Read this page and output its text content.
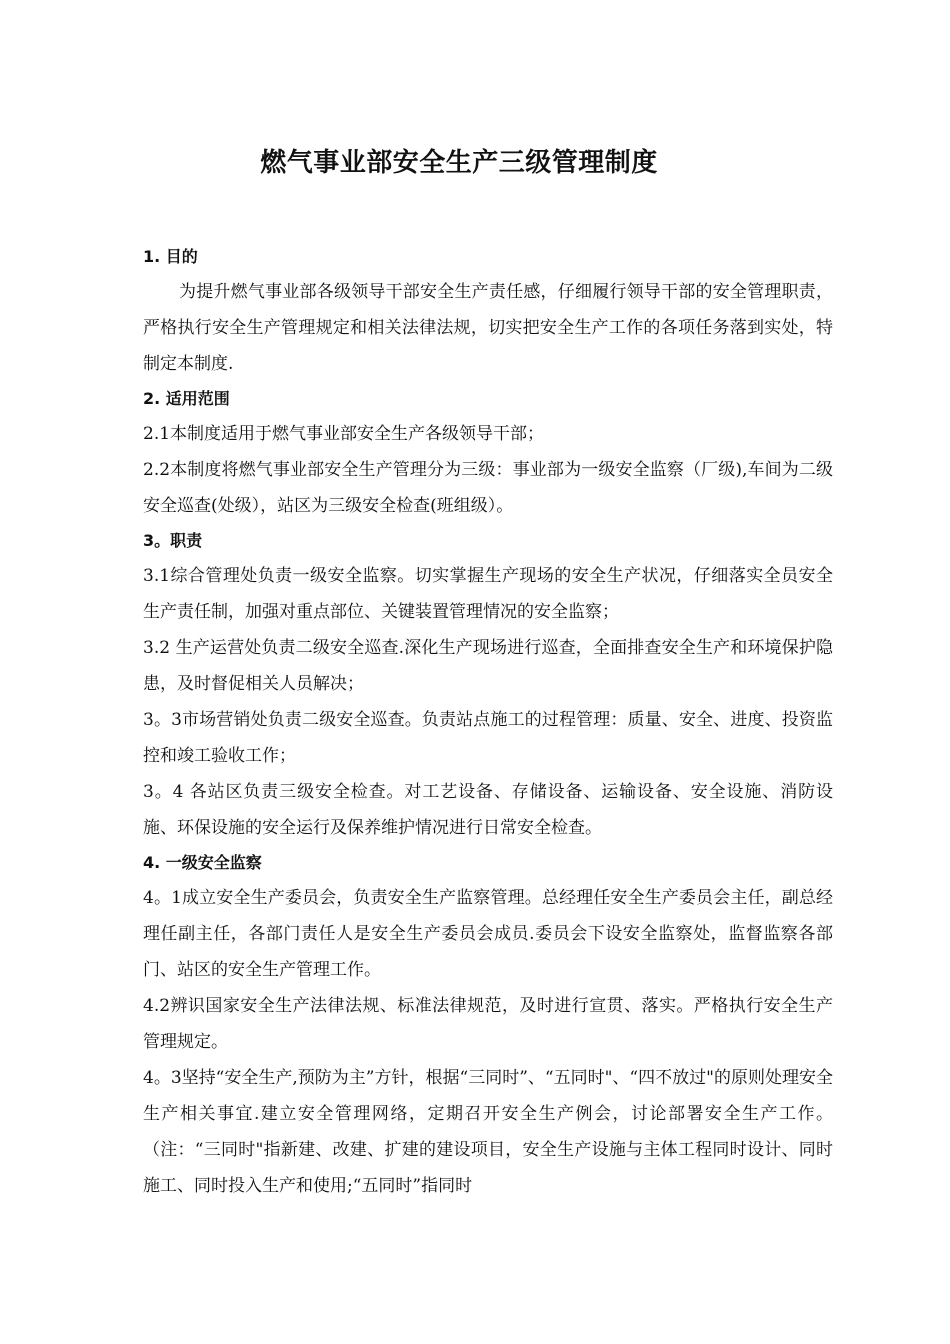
燃气事业部安全生产三级管理制度

1. 目的

为提升燃气事业部各级领导干部安全生产责任感，仔细履行领导干部的安全管理职责，严格执行安全生产管理规定和相关法律法规，切实把安全生产工作的各项任务落到实处，特制定本制度.

2. 适用范围

2.1本制度适用于燃气事业部安全生产各级领导干部；

2.2本制度将燃气事业部安全生产管理分为三级：事业部为一级安全监察（厂级),车间为二级安全巡查(处级），站区为三级安全检查(班组级）。

3。职责

3.1综合管理处负责一级安全监察。切实掌握生产现场的安全生产状况，仔细落实全员安全生产责任制，加强对重点部位、关键装置管理情况的安全监察；

3.2 生产运营处负责二级安全巡查.深化生产现场进行巡查，全面排查安全生产和环境保护隐患，及时督促相关人员解决；

3。3市场营销处负责二级安全巡查。负责站点施工的过程管理：质量、安全、进度、投资监控和竣工验收工作；

3。4 各站区负责三级安全检查。对工艺设备、存储设备、运输设备、安全设施、消防设施、环保设施的安全运行及保养维护情况进行日常安全检查。

4. 一级安全监察

4。1成立安全生产委员会，负责安全生产监察管理。总经理任安全生产委员会主任，副总经理任副主任，各部门责任人是安全生产委员会成员.委员会下设安全监察处，监督监察各部门、站区的安全生产管理工作。

4.2辨识国家安全生产法律法规、标准法律规范，及时进行宣贯、落实。严格执行安全生产管理规定。

4。3坚持“安全生产,预防为主”方针，根据“三同时”、“五同时"、“四不放过"的原则处理安全生产相关事宜.建立安全管理网络，定期召开安全生产例会，讨论部署安全生产工作。（注：“三同时"指新建、改建、扩建的建设项目，安全生产设施与主体工程同时设计、同时施工、同时投入生产和使用;“五同时”指同时
